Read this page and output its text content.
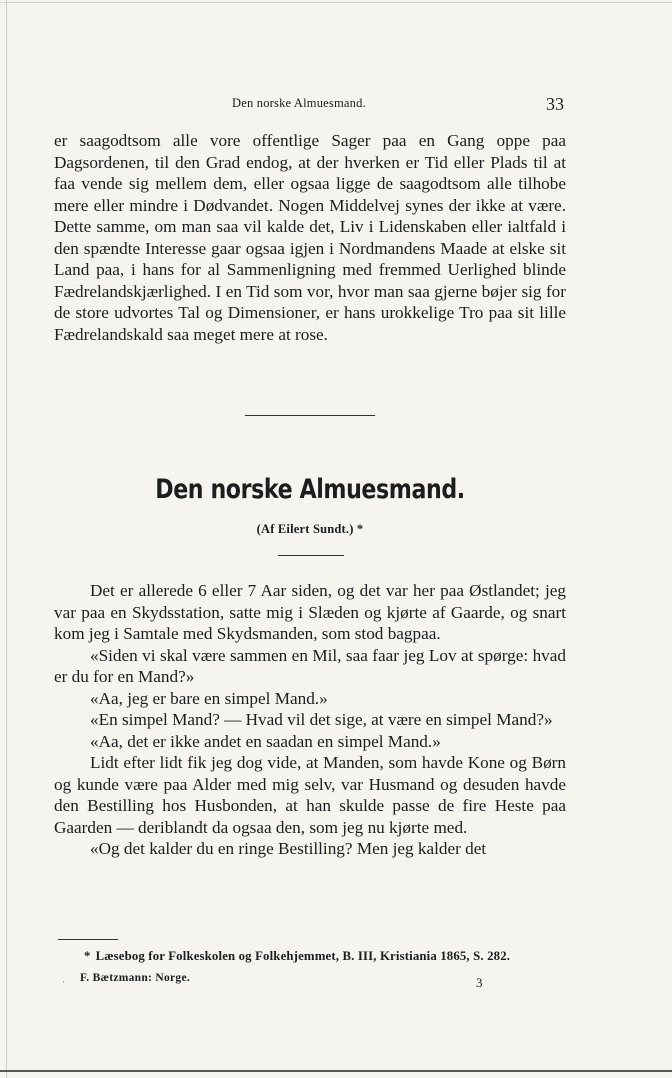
Den norske Almuesmand.	33

er saagodtsom alle vore offentlige Sager paa en Gang oppe paa Dagsordenen, til den Grad endog, at der hverken er Tid eller Plads til at faa vende sig mellem dem, eller ogsaa ligge de saagodtsom alle tilhobe mere eller mindre i Dødvandet. Nogen Middelvej synes der ikke at være. Dette samme, om man saa vil kalde det, Liv i Lidenskaben eller ialtfald i den spændte Interesse gaar ogsaa igjen i Nordmandens Maade at elske sit Land paa, i hans for al Sammenligning med fremmed Uerlighed blinde Fædrelandskjærlighed. I en Tid som vor, hvor man saa gjerne bøjer sig for de store udvortes Tal og Dimensioner, er hans urokkelige Tro paa sit lille Fædrelandskald saa meget mere at rose.

Den norske Almuesmand.
(Af Eilert Sundt.) *

Det er allerede 6 eller 7 Aar siden, og det var her paa Østlandet; jeg var paa en Skydsstation, satte mig i Slæden og kjørte af Gaarde, og snart kom jeg i Samtale med Skydsmanden, som stod bagpaa.

«Siden vi skal være sammen en Mil, saa faar jeg Lov at spørge: hvad er du for en Mand?»

«Aa, jeg er bare en simpel Mand.»

«En simpel Mand? — Hvad vil det sige, at være en simpel Mand?»

«Aa, det er ikke andet en saadan en simpel Mand.»

Lidt efter lidt fik jeg dog vide, at Manden, som havde Kone og Børn og kunde være paa Alder med mig selv, var Husmand og desuden havde den Bestilling hos Husbonden, at han skulde passe de fire Heste paa Gaarden — deriblandt da ogsaa den, som jeg nu kjørte med.

«Og det kalder du en ringe Bestilling? Men jeg kalder det

* Læsebog for Folkeskolen og Folkehjemmet, B. III, Kristiania 1865, S. 282.
· F. Bætzmann: Norge.	3
